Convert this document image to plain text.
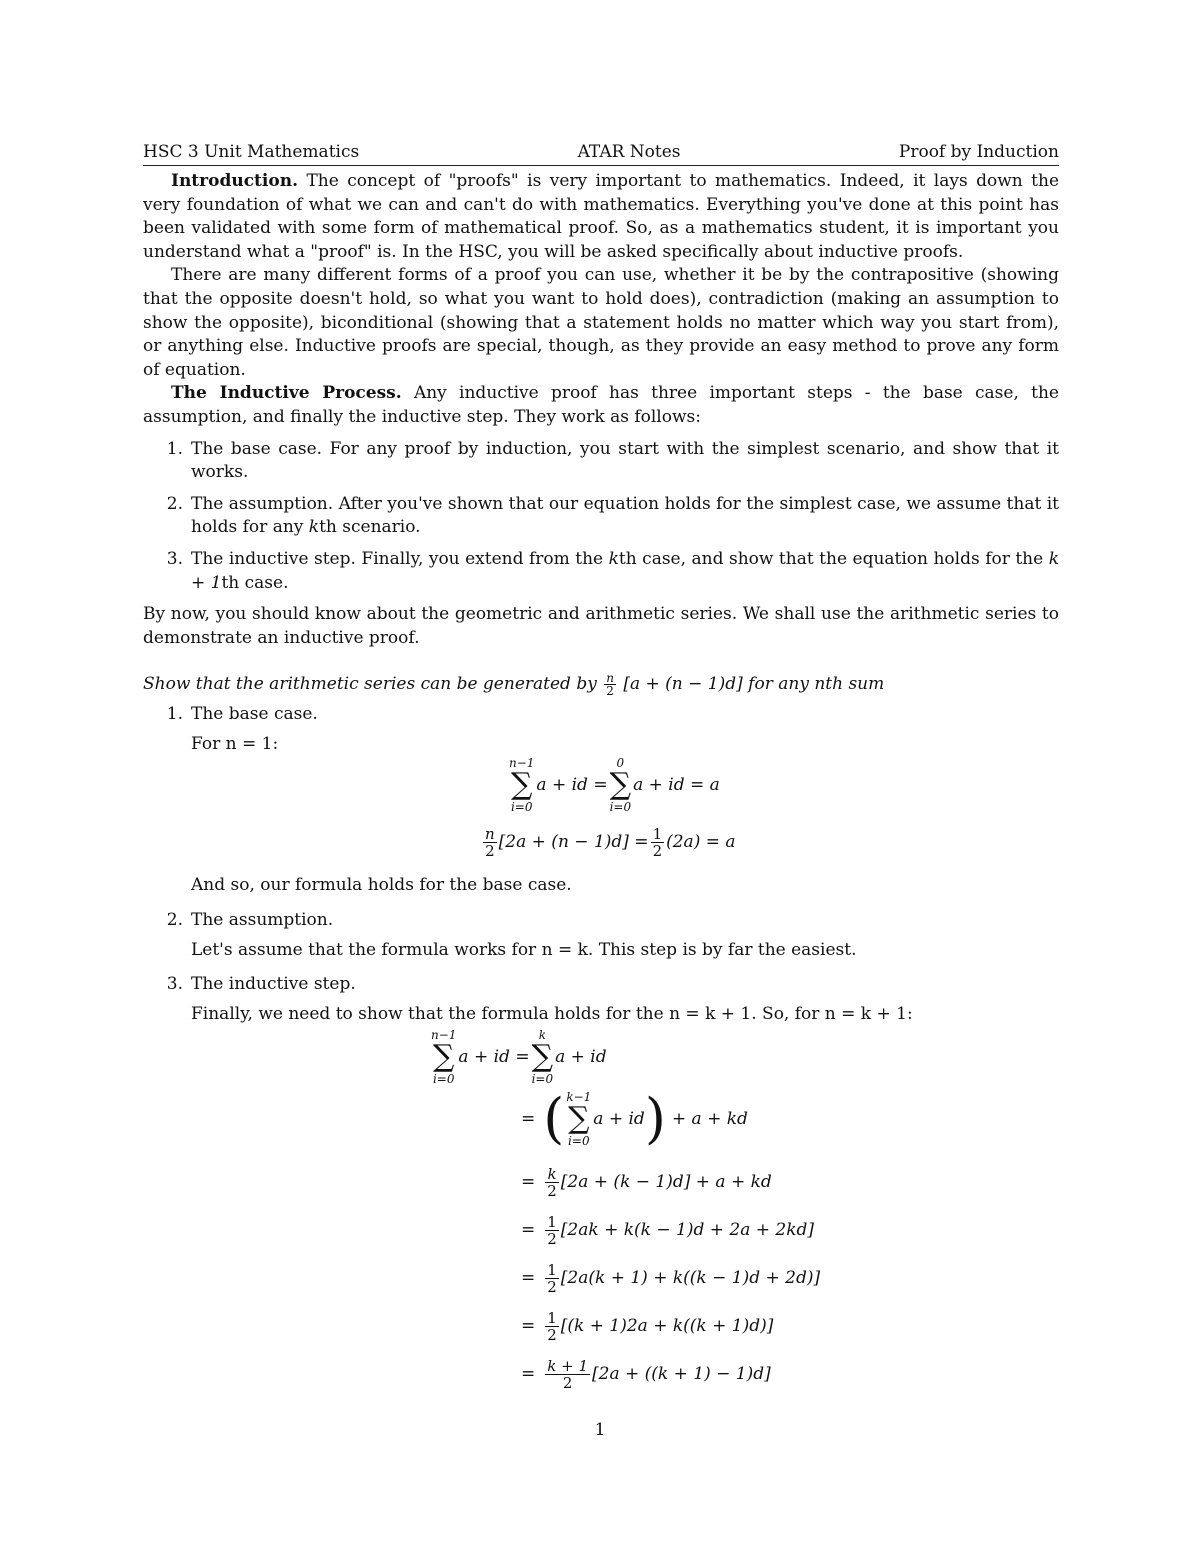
HSC 3 Unit Mathematics	ATAR Notes	Proof by Induction

Introduction. The concept of "proofs" is very important to mathematics. Indeed, it lays down the very foundation of what we can and can't do with mathematics. Everything you've done at this point has been validated with some form of mathematical proof. So, as a mathematics student, it is important you understand what a "proof" is. In the HSC, you will be asked specifically about inductive proofs.

There are many different forms of a proof you can use, whether it be by the contrapositive (showing that the opposite doesn't hold, so what you want to hold does), contradiction (making an assumption to show the opposite), biconditional (showing that a statement holds no matter which way you start from), or anything else. Inductive proofs are special, though, as they provide an easy method to prove any form of equation.

The Inductive Process. Any inductive proof has three important steps - the base case, the assumption, and finally the inductive step. They work as follows:

1. The base case. For any proof by induction, you start with the simplest scenario, and show that it works.
2. The assumption. After you've shown that our equation holds for the simplest case, we assume that it holds for any kth scenario.
3. The inductive step. Finally, you extend from the kth case, and show that the equation holds for the k + 1th case.

By now, you should know about the geometric and arithmetic series. We shall use the arithmetic series to demonstrate an inductive proof.

Show that the arithmetic series can be generated by $\frac{n}{2} [a + (n - 1)d]$ for any nth sum
1. The base case.
For n = 1:
n−1
∑
i=0
a + id =
0
∑
i=0
a + id = a
$\frac{n}{2} [2a + (n - 1)d] = \frac{1}{2} (2a) = a$
And so, our formula holds for the base case.
2. The assumption.
Let's assume that the formula works for n = k. This step is by far the easiest.
3. The inductive step.
Finally, we need to show that the formula holds for the n = k + 1. So, for n = k + 1:
n−1
∑
i=0
a + id =
k
∑
i=0
a + id
= ( k−1
∑
i=0
a + id ) + a + kd
= $\frac{k}{2} [2a + (k - 1)d] + a$ + kd
= $\frac{1}{2} [2ak + k(k - 1)d + 2a + 2kd]$
= $\frac{1}{2} [2a(k + 1) + k((k - 1)d + 2d)]$
= $\frac{1}{2} [(k + 1)2a + k((k + 1)d)]$
= $\frac{k + 1}{2} [2a + ((k + 1) - 1)d]$
1
